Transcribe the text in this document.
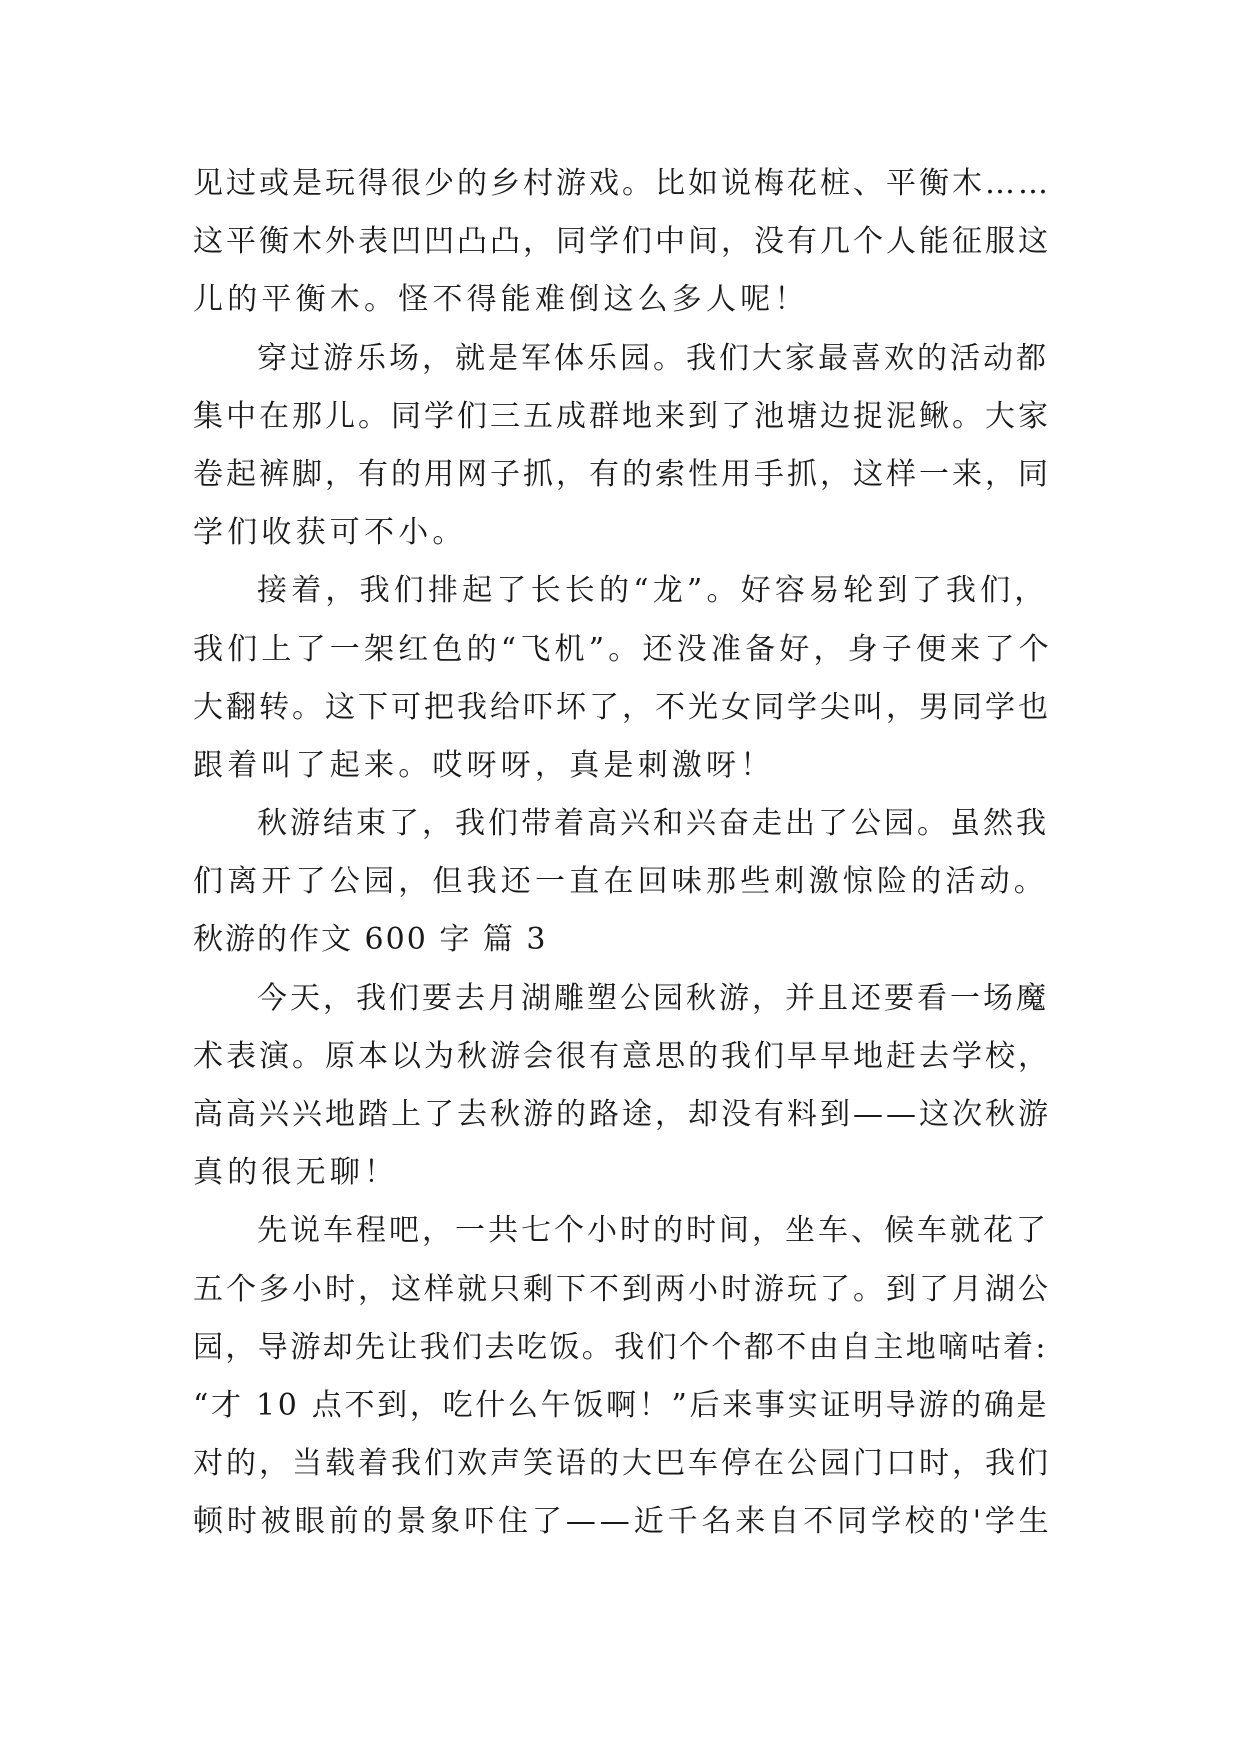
见过或是玩得很少的乡村游戏。比如说梅花桩、平衡木……
这平衡木外表凹凹凸凸，同学们中间，没有几个人能征服这
儿的平衡木。怪不得能难倒这么多人呢！
穿过游乐场，就是军体乐园。我们大家最喜欢的活动都
集中在那儿。同学们三五成群地来到了池塘边捉泥鳅。大家
卷起裤脚，有的用网子抓，有的索性用手抓，这样一来，同
学们收获可不小。
接着，我们排起了长长的“龙”。好容易轮到了我们，
我们上了一架红色的“飞机”。还没准备好，身子便来了个
大翻转。这下可把我给吓坏了，不光女同学尖叫，男同学也
跟着叫了起来。哎呀呀，真是刺激呀！
秋游结束了，我们带着高兴和兴奋走出了公园。虽然我
们离开了公园，但我还一直在回味那些刺激惊险的活动。
秋游的作文 600 字 篇 3
今天，我们要去月湖雕塑公园秋游，并且还要看一场魔
术表演。原本以为秋游会很有意思的我们早早地赶去学校，
高高兴兴地踏上了去秋游的路途，却没有料到——这次秋游
真的很无聊！
先说车程吧，一共七个小时的时间，坐车、候车就花了
五个多小时，这样就只剩下不到两小时游玩了。到了月湖公
园，导游却先让我们去吃饭。我们个个都不由自主地嘀咕着:
“才 10 点不到，吃什么午饭啊！”后来事实证明导游的确是
对的，当载着我们欢声笑语的大巴车停在公园门口时，我们
顿时被眼前的景象吓住了——近千名来自不同学校的'学生
